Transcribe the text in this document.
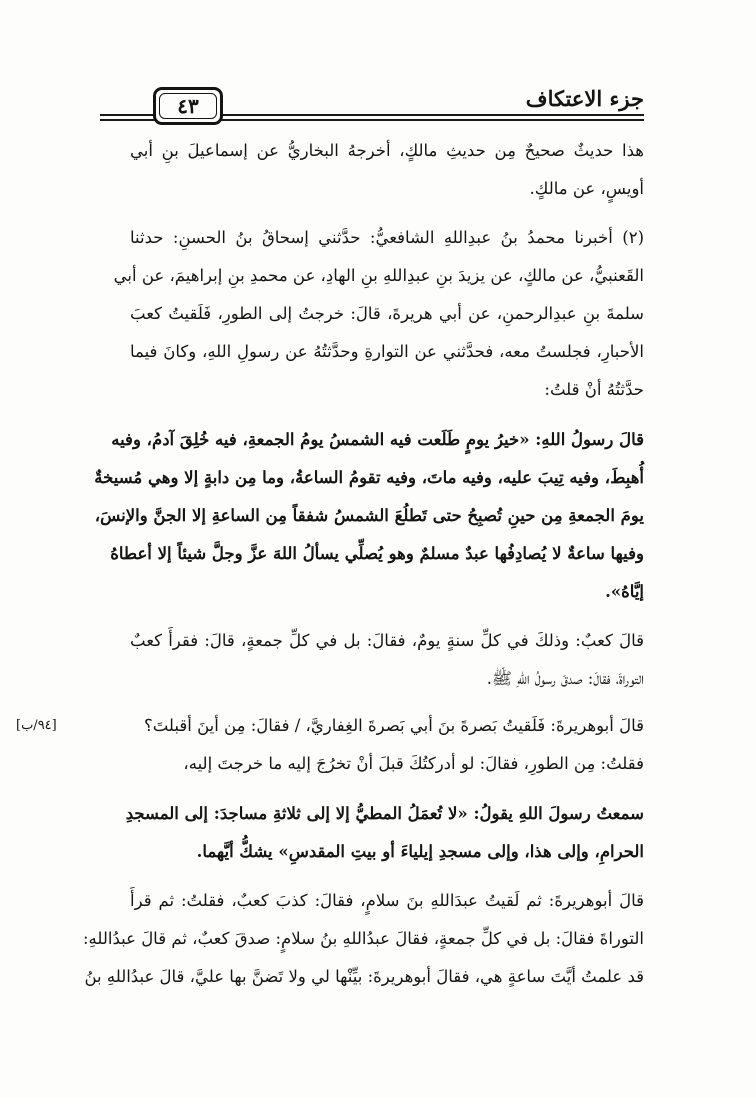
جزء الاعتكاف
٤٣
[٩٤/ب]
هذا حديثٌ صحيحٌ مِن حديثِ مالكٍ، أخرجهُ البخاريُّ عن إسماعيلَ بنِ أبي
أويسٍ، عن مالكٍ.
(٢) أخبرنا محمدُ بنُ عبدِاللهِ الشافعيُّ: حدَّثني إسحاقُ بنُ الحسنِ: حدثنا
القَعنبيُّ، عن مالكٍ، عن يزيدَ بنِ عبدِاللهِ بنِ الهادِ، عن محمدِ بنِ إبراهيمَ، عن أبي
سلمةَ بنِ عبدِالرحمنِ، عن أبي هريرةَ، قالَ: خرجتُ إلى الطورِ، فَلَقيتُ كعبَ
الأحبارِ، فجلستُ معه، فحدَّثني عن التوارةِ وحدَّثتُهُ عن رسولِ اللهِ، وكانَ فيما
حدَّثتُهُ أنْ قلتُ:
قالَ رسولُ اللهِ: «خيرُ يومٍ طَلَعت فيه الشمسُ يومُ الجمعةِ، فيه خُلِقَ آدمُ، وفيه
أُهبِطَ، وفيه تِيبَ عليه، وفيه ماتَ، وفيه تقومُ الساعةُ، وما مِن دابةٍ إلا وهي مُسيخةٌ
يومَ الجمعةِ مِن حينِ تُصبِحُ حتى تَطلُعَ الشمسُ شفقاً مِن الساعةِ إلا الجنَّ والإنسَ،
وفيها ساعةٌ لا يُصادِفُها عبدٌ مسلمٌ وهو يُصلِّي يسألُ اللهَ عزَّ وجلَّ شيئاً إلا أعطاهُ
إيَّاهُ».
قالَ كعبٌ: وذلكَ في كلِّ سنةٍ يومٌ، فقالَ: بل في كلِّ جمعةٍ، قالَ: فقرأَ كعبٌ
التوراةَ، فقالَ: صدقَ رسولُ اللهِ ﷺ.
قالَ أبوهريرةَ: فَلَقيتُ بَصرةَ بنَ أبي بَصرةَ الغِفاريَّ، / فقالَ: مِن أينَ أقبلتَ؟
فقلتُ: مِن الطورِ، فقالَ: لو أدركتُكَ قبلَ أنْ تخرُجَ إليه ما خرجتَ إليه،
سمعتُ رسولَ اللهِ يقولُ: «لا تُعمَلُ المطيُّ إلا إلى ثلاثةِ مساجدَ: إلى المسجدِ
الحرامِ، وإلى هذا، وإلى مسجدِ إيلياءَ أو بيتِ المقدسِ» يشكُّ أيَّهما.
قالَ أبوهريرةَ: ثم لَقيتُ عبدَاللهِ بنَ سلامٍ، فقالَ: كذبَ كعبٌ، فقلتُ: ثم قرأَ
التوراةَ فقالَ: بل في كلِّ جمعةٍ، فقالَ عبدُاللهِ بنُ سلامٍ: صدقَ كعبٌ، ثم قالَ عبدُاللهِ:
قد علمتُ أيَّتَ ساعةٍ هي، فقالَ أبوهريرةَ: بيِّنْها لي ولا تَضنَّ بها عليَّ، قالَ عبدُاللهِ بنُ
